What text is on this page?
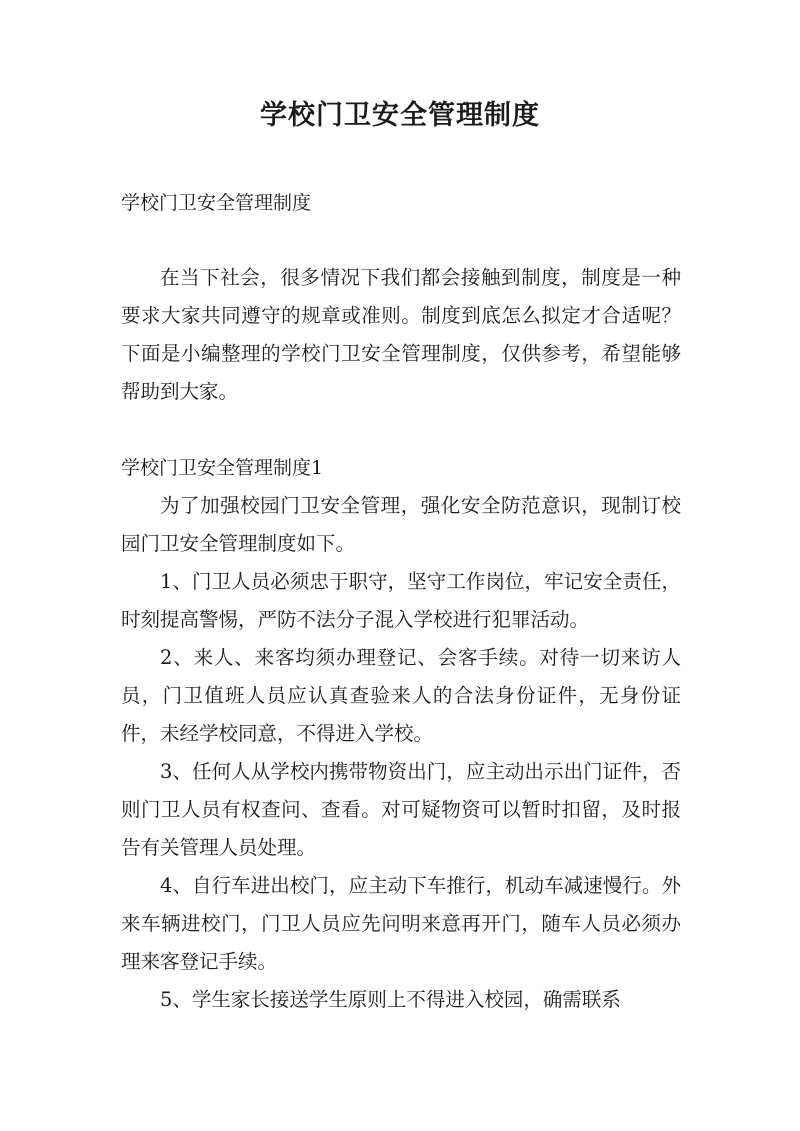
学校门卫安全管理制度

学校门卫安全管理制度

在当下社会，很多情况下我们都会接触到制度，制度是一种要求大家共同遵守的规章或准则。制度到底怎么拟定才合适呢？下面是小编整理的学校门卫安全管理制度，仅供参考，希望能够帮助到大家。

学校门卫安全管理制度1

为了加强校园门卫安全管理，强化安全防范意识，现制订校园门卫安全管理制度如下。

1、门卫人员必须忠于职守，坚守工作岗位，牢记安全责任，时刻提高警惕，严防不法分子混入学校进行犯罪活动。

2、来人、来客均须办理登记、会客手续。对待一切来访人员，门卫值班人员应认真查验来人的合法身份证件，无身份证件，未经学校同意，不得进入学校。

3、任何人从学校内携带物资出门，应主动出示出门证件，否则门卫人员有权查问、查看。对可疑物资可以暂时扣留，及时报告有关管理人员处理。

4、自行车进出校门，应主动下车推行，机动车减速慢行。外来车辆进校门，门卫人员应先问明来意再开门，随车人员必须办理来客登记手续。

5、学生家长接送学生原则上不得进入校园，确需联系
